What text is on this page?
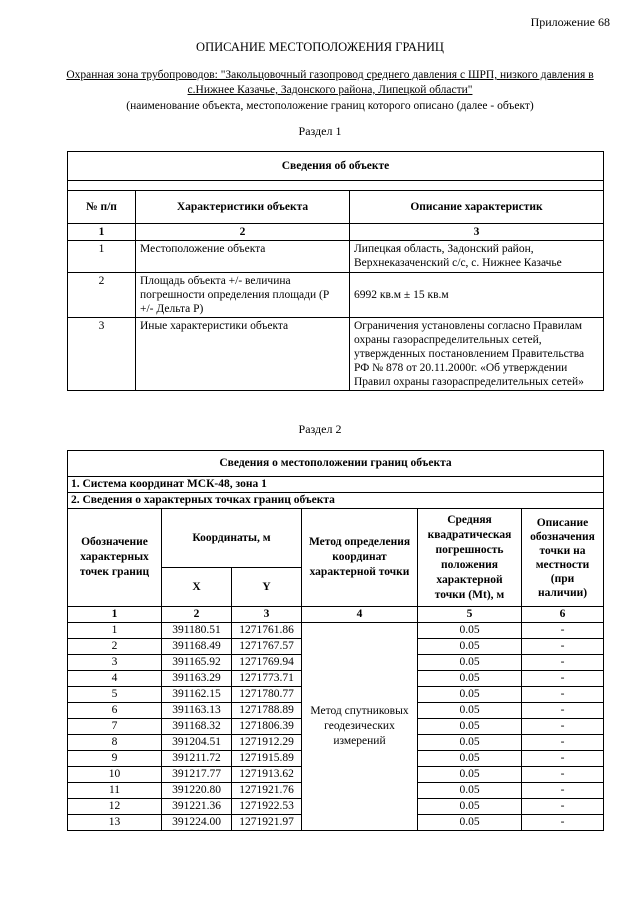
Приложение 68
ОПИСАНИЕ МЕСТОПОЛОЖЕНИЯ ГРАНИЦ
Охранная зона трубопроводов: "Закольцовочный газопровод среднего давления с ШРП, низкого давления в с.Нижнее Казачье, Задонского района, Липецкой области"
(наименование объекта, местоположение границ которого описано (далее - объект)
Раздел 1
Сведения об объекте		

№ п/п	Характеристики объекта	Описание характеристик
1	2	3
1	Местоположение объекта	Липецкая область, Задонский район, Верхнеказаченский с/с, с. Нижнее Казачье
2	Площадь объекта +/- величина погрешности определения площади (Р +/- Дельта Р)	6992 кв.м ± 15 кв.м
3	Иные характеристики объекта	Ограничения установлены согласно Правилам охраны газораспределительных сетей, утвержденных постановлением Правительства РФ № 878 от 20.11.2000г. «Об утверждении Правил охраны газораспределительных сетей»
Раздел 2
Сведения о местоположении границ объекта					
1. Система координат МСК-48, зона 1					
2. Сведения о характерных точках границ объекта					
Обозначение характерных точек границ	Координаты, м		Метод определения координат характерной точки	Средняя квадратическая погрешность положения характерной точки (Mt), м	Описание обозначения точки на местности (при наличии)
	X	Y			
1	2	3	4	5	6
1	391180.51	1271761.86	Метод спутниковых геодезических измерений	0.05	-
2	391168.49	1271767.57		0.05	-
3	391165.92	1271769.94		0.05	-
4	391163.29	1271773.71		0.05	-
5	391162.15	1271780.77		0.05	-
6	391163.13	1271788.89		0.05	-
7	391168.32	1271806.39		0.05	-
8	391204.51	1271912.29		0.05	-
9	391211.72	1271915.89		0.05	-
10	391217.77	1271913.62		0.05	-
11	391220.80	1271921.76		0.05	-
12	391221.36	1271922.53		0.05	-
13	391224.00	1271921.97		0.05	-
